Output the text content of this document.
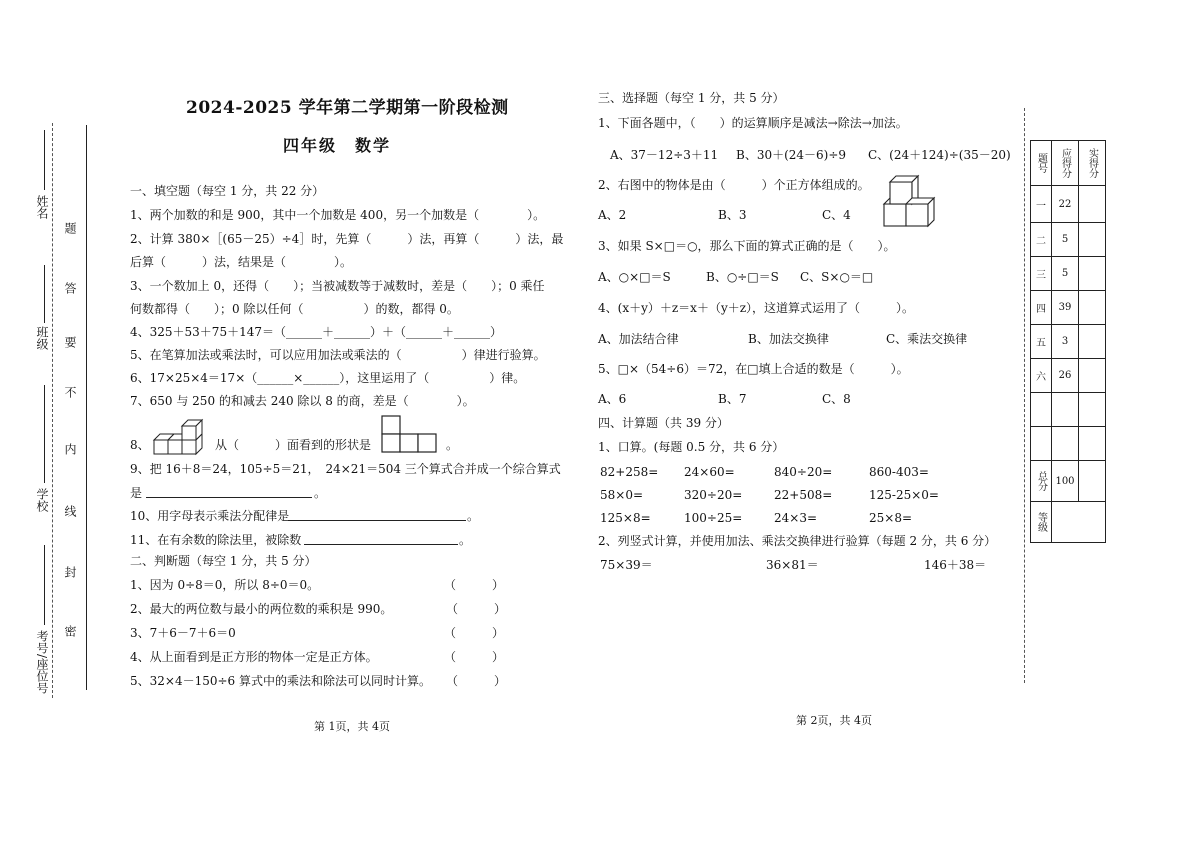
姓名
班级
学校
考号/座位号
题
答
要
不
内
线
封
密
2024-2025 学年第二学期第一阶段检测
四年级　数学
一、填空题（每空 1 分，共 22 分）
1、两个加数的和是 900，其中一个加数是 400，另一个加数是（　　　　）。
2、计算 380×［(65－25）÷4］时，先算（　　　）法，再算（　　　）法，最
后算（　　　）法，结果是（　　　　）。
3、一个数加上 0，还得（　　）；当被减数等于减数时，差是（　　）；0 乘任
何数都得（　　）；0 除以任何（　　　　　）的数，都得 0。
4、325＋53＋75＋147＝（______＋______）＋（______＋______）
5、在笔算加法或乘法时，可以应用加法或乘法的（　　　　　）律进行验算。
6、17×25×4＝17×（______×______），这里运用了（　　　　　）律。
7、650 与 250 的和减去 240 除以 8 的商，差是（　　　　）。
8、	从（　　　）面看到的形状是	。
9、把 16＋8＝24，105÷5＝21，　24×21＝504 三个算式合并成一个综合算式
是	。
10、用字母表示乘法分配律是	。
11、在有余数的除法里，被除数	。
二、判断题（每空 1 分，共 5 分）
1、因为 0÷8＝0，所以 8÷0＝0。	（　　　）
2、最大的两位数与最小的两位数的乘积是 990。	（　　　）
3、7＋6－7＋6＝0	（　　　）
4、从上面看到是正方形的物体一定是正方体。	（　　　）
5、32×4－150÷6 算式中的乘法和除法可以同时计算。 （　　　）
第 1页，共 4页
三、选择题（每空 1 分，共 5 分）
1、下面各题中，（　　）的运算顺序是减法→除法→加法。
A、37－12÷3＋11 B、30＋(24－6)÷9 C、(24＋124)÷(35－20)
2、右图中的物体是由（　　　）个正方体组成的。
A、2	B、3	C、4
3、如果 S×□＝○，那么下面的算式正确的是（　　）。
A、○×□＝S	B、○÷□＝S C、S×○＝□
4、(x＋y）＋z＝x＋（y＋z），这道算式运用了（　　　）。
A、加法结合律	B、加法交换律	C、乘法交换律
5、□×（54÷6）＝72，在□填上合适的数是（　　　）。
A、6	B、7	C、8
四、计算题（共 39 分）
1、口算。(每题 0.5 分，共 6 分）
82+258= 24×60=	840÷20=	860-403=
58×0=	320÷20=	22+508=	125-25×0=
125×8=	100÷25=	24×3=	25×8=
2、列竖式计算，并使用加法、乘法交换律进行验算（每题 2 分，共 6 分）
75×39＝	36×81＝	146＋38＝
第 2页，共 4页
题号	应得分	实得分
一	22	
二	5	
三	5	
四	39	
五	3	
六	26	

总分	100	
等级		
